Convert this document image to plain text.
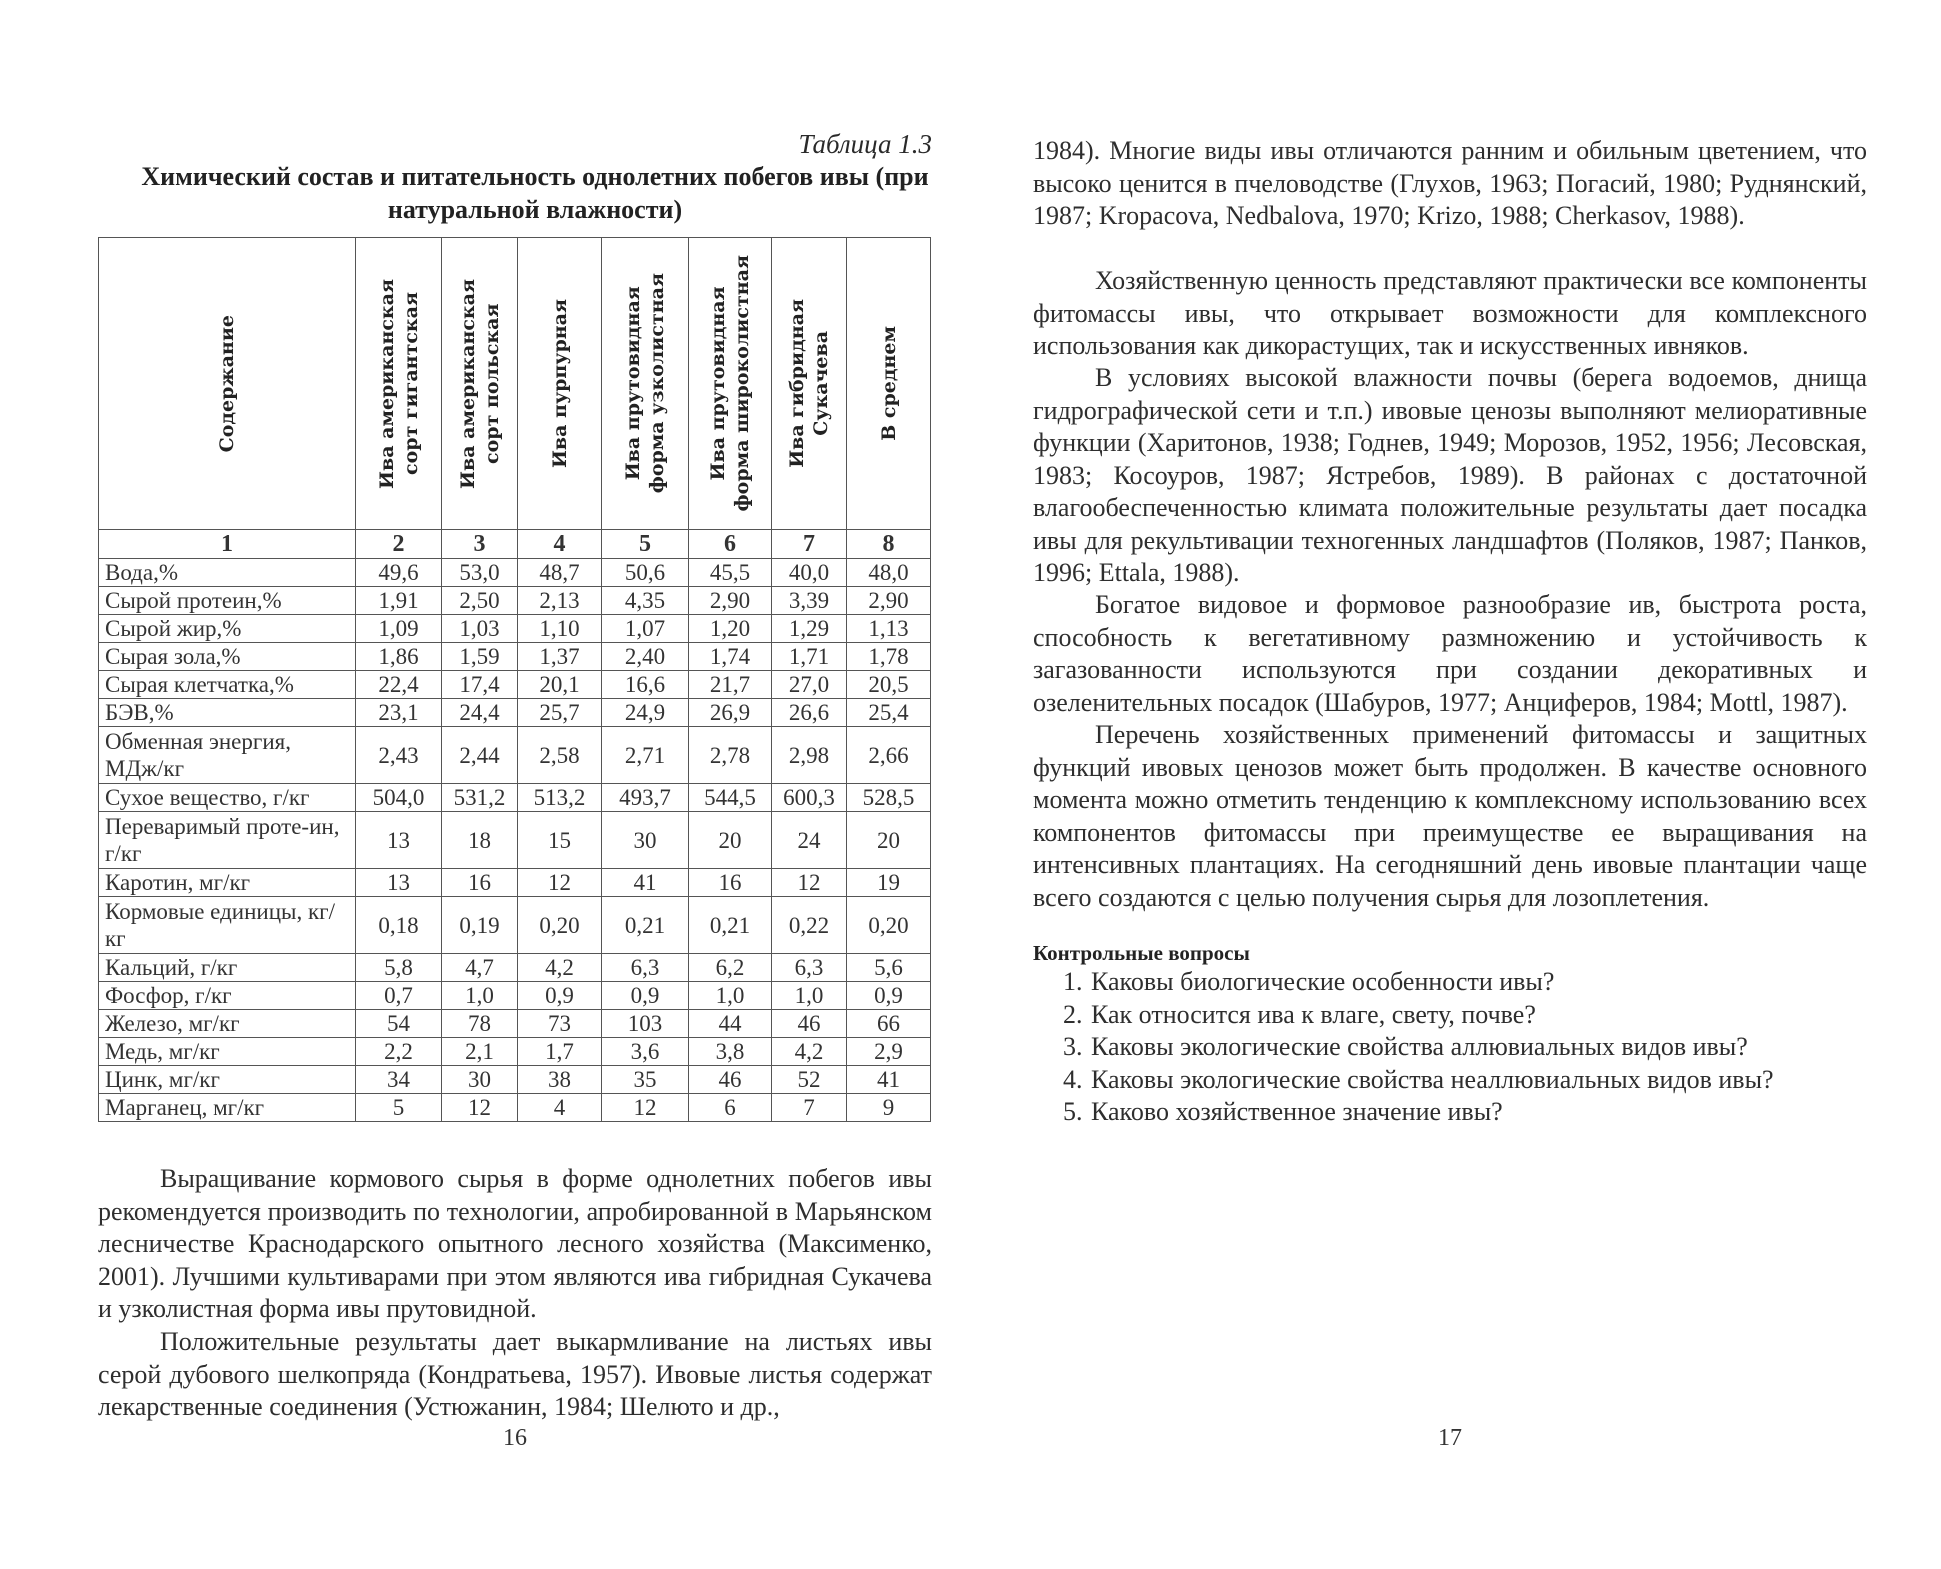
Таблица 1.3
Химический состав и питательность однолетних побегов ивы (при натуральной влажности)
Содержание	Ива американская сорт гигантская	Ива американская сорт польская	Ива пурпурная	Ива прутовидная форма узколистная	Ива прутовидная форма широколистная	Ива гибридная Сукачева	В среднем

1	2	3	4	5	6	7	8
Вода,%	49,6	53,0	48,7	50,6	45,5	40,0	48,0
Сырой протеин,%	1,91	2,50	2,13	4,35	2,90	3,39	2,90
Сырой жир,%	1,09	1,03	1,10	1,07	1,20	1,29	1,13
Сырая зола,%	1,86	1,59	1,37	2,40	1,74	1,71	1,78
Сырая клетчатка,%	22,4	17,4	20,1	16,6	21,7	27,0	20,5
БЭВ,%	23,1	24,4	25,7	24,9	26,9	26,6	25,4
Обменная энергия, МДж/кг	2,43	2,44	2,58	2,71	2,78	2,98	2,66
Сухое вещество, г/кг	504,0	531,2	513,2	493,7	544,5	600,3	528,5
Переваримый проте-ин, г/кг	13	18	15	30	20	24	20
Каротин, мг/кг	13	16	12	41	16	12	19
Кормовые единицы, кг/кг	0,18	0,19	0,20	0,21	0,21	0,22	0,20
Кальций, г/кг	5,8	4,7	4,2	6,3	6,2	6,3	5,6
Фосфор, г/кг	0,7	1,0	0,9	0,9	1,0	1,0	0,9
Железо, мг/кг	54	78	73	103	44	46	66
Медь, мг/кг	2,2	2,1	1,7	3,6	3,8	4,2	2,9
Цинк, мг/кг	34	30	38	35	46	52	41
Марганец, мг/кг	5	12	4	12	6	7	9

Выращивание кормового сырья в форме однолетних побегов ивы рекомендуется производить по технологии, апробированной в Марьянском лесничестве Краснодарского опытного лесного хозяйства (Максименко, 2001). Лучшими культиварами при этом являются ива гибридная Сукачева и узколистная форма ивы прутовидной.

Положительные результаты дает выкармливание на листьях ивы серой дубового шелкопряда (Кондратьева, 1957). Ивовые листья содержат лекарственные соединения (Устюжанин, 1984; Шелюто и др.,

16

1984). Многие виды ивы отличаются ранним и обильным цветением, что высоко ценится в пчеловодстве (Глухов, 1963; Погасий, 1980; Руднянский, 1987; Kropacova, Nedbalova, 1970; Krizo, 1988; Cherkasov, 1988).

Хозяйственную ценность представляют практически все компоненты фитомассы ивы, что открывает возможности для комплексного использования как дикорастущих, так и искусственных ивняков.

В условиях высокой влажности почвы (берега водоемов, днища гидрографической сети и т.п.) ивовые ценозы выполняют мелиоративные функции (Харитонов, 1938; Годнев, 1949; Морозов, 1952, 1956; Лесовская, 1983; Косоуров, 1987; Ястребов, 1989). В районах с достаточной влагообеспеченностью климата положительные результаты дает посадка ивы для рекультивации техногенных ландшафтов (Поляков, 1987; Панков, 1996; Ettala, 1988).

Богатое видовое и формовое разнообразие ив, быстрота роста, способность к вегетативному размножению и устойчивость к загазованности используются при создании декоративных и озеленительных посадок (Шабуров, 1977; Анциферов, 1984; Mottl, 1987).

Перечень хозяйственных применений фитомассы и защитных функций ивовых ценозов может быть продолжен. В качестве основного момента можно отметить тенденцию к комплексному использованию всех компонентов фитомассы при преимуществе ее выращивания на интенсивных плантациях. На сегодняшний день ивовые плантации чаще всего создаются с целью получения сырья для лозоплетения.

Контрольные вопросы
1. Каковы биологические особенности ивы?
2. Как относится ива к влаге, свету, почве?
3. Каковы экологические свойства аллювиальных видов ивы?
4. Каковы экологические свойства неаллювиальных видов ивы?
5. Каково хозяйственное значение ивы?
17
